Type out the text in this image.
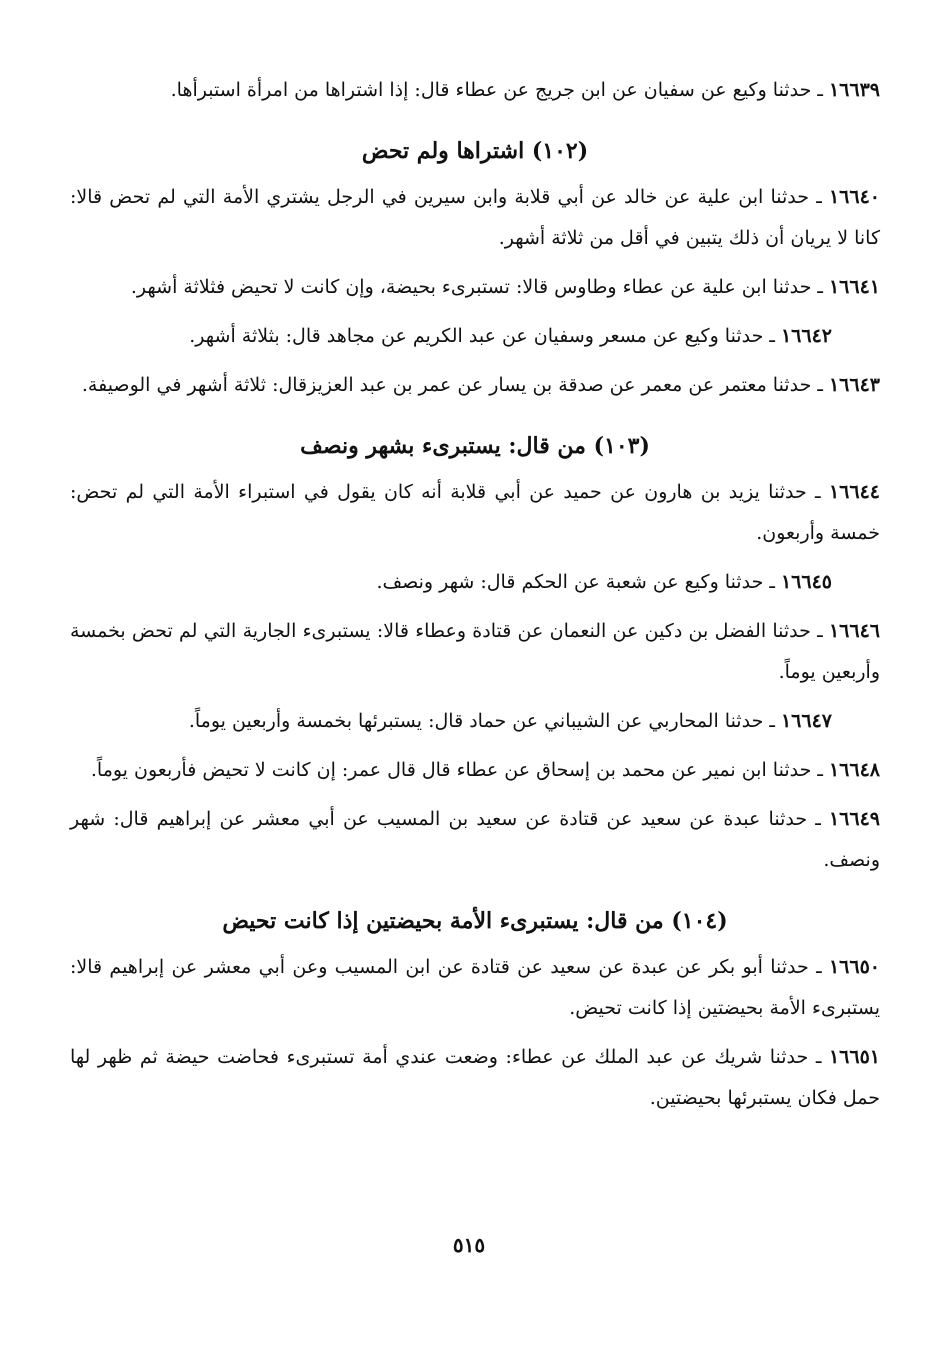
١٦٦٣٩ ـ حدثنا وكيع عن سفيان عن ابن جريج عن عطاء قال: إذا اشتراها من امرأة استبرأها.

(١٠٢) اشتراها ولم تحض

١٦٦٤٠ ـ حدثنا ابن علية عن خالد عن أبي قلابة وابن سيرين في الرجل يشتري الأمة التي لم تحض قالا: كانا لا يريان أن ذلك يتبين في أقل من ثلاثة أشهر.

١٦٦٤١ ـ حدثنا ابن علية عن عطاء وطاوس قالا: تستبرىء بحيضة، وإن كانت لا تحيض فثلاثة أشهر.

١٦٦٤٢ ـ حدثنا وكيع عن مسعر وسفيان عن عبد الكريم عن مجاهد قال: بثلاثة أشهر.

١٦٦٤٣ ـ حدثنا معتمر عن معمر عن صدقة بن يسار عن عمر بن عبد العزيزقال: ثلاثة أشهر في الوصيفة.

(١٠٣) من قال: يستبرىء بشهر ونصف

١٦٦٤٤ ـ حدثنا يزيد بن هارون عن حميد عن أبي قلابة أنه كان يقول في استبراء الأمة التي لم تحض: خمسة وأربعون.

١٦٦٤٥ ـ حدثنا وكيع عن شعبة عن الحكم قال: شهر ونصف.

١٦٦٤٦ ـ حدثنا الفضل بن دكين عن النعمان عن قتادة وعطاء قالا: يستبرىء الجارية التي لم تحض بخمسة وأربعين يوماً.

١٦٦٤٧ ـ حدثنا المحاربي عن الشيباني عن حماد قال: يستبرئها بخمسة وأربعين يوماً.

١٦٦٤٨ ـ حدثنا ابن نمير عن محمد بن إسحاق عن عطاء قال قال عمر: إن كانت لا تحيض فأربعون يوماً.

١٦٦٤٩ ـ حدثنا عبدة عن سعيد عن قتادة عن سعيد بن المسيب عن أبي معشر عن إبراهيم قال: شهر ونصف.

(١٠٤) من قال: يستبرىء الأمة بحيضتين إذا كانت تحيض

١٦٦٥٠ ـ حدثنا أبو بكر عن عبدة عن سعيد عن قتادة عن ابن المسيب وعن أبي معشر عن إبراهيم قالا: يستبرىء الأمة بحيضتين إذا كانت تحيض.

١٦٦٥١ ـ حدثنا شريك عن عبد الملك عن عطاء: وضعت عندي أمة تستبرىء فحاضت حيضة ثم ظهر لها حمل فكان يستبرئها بحيضتين.

٥١٥
